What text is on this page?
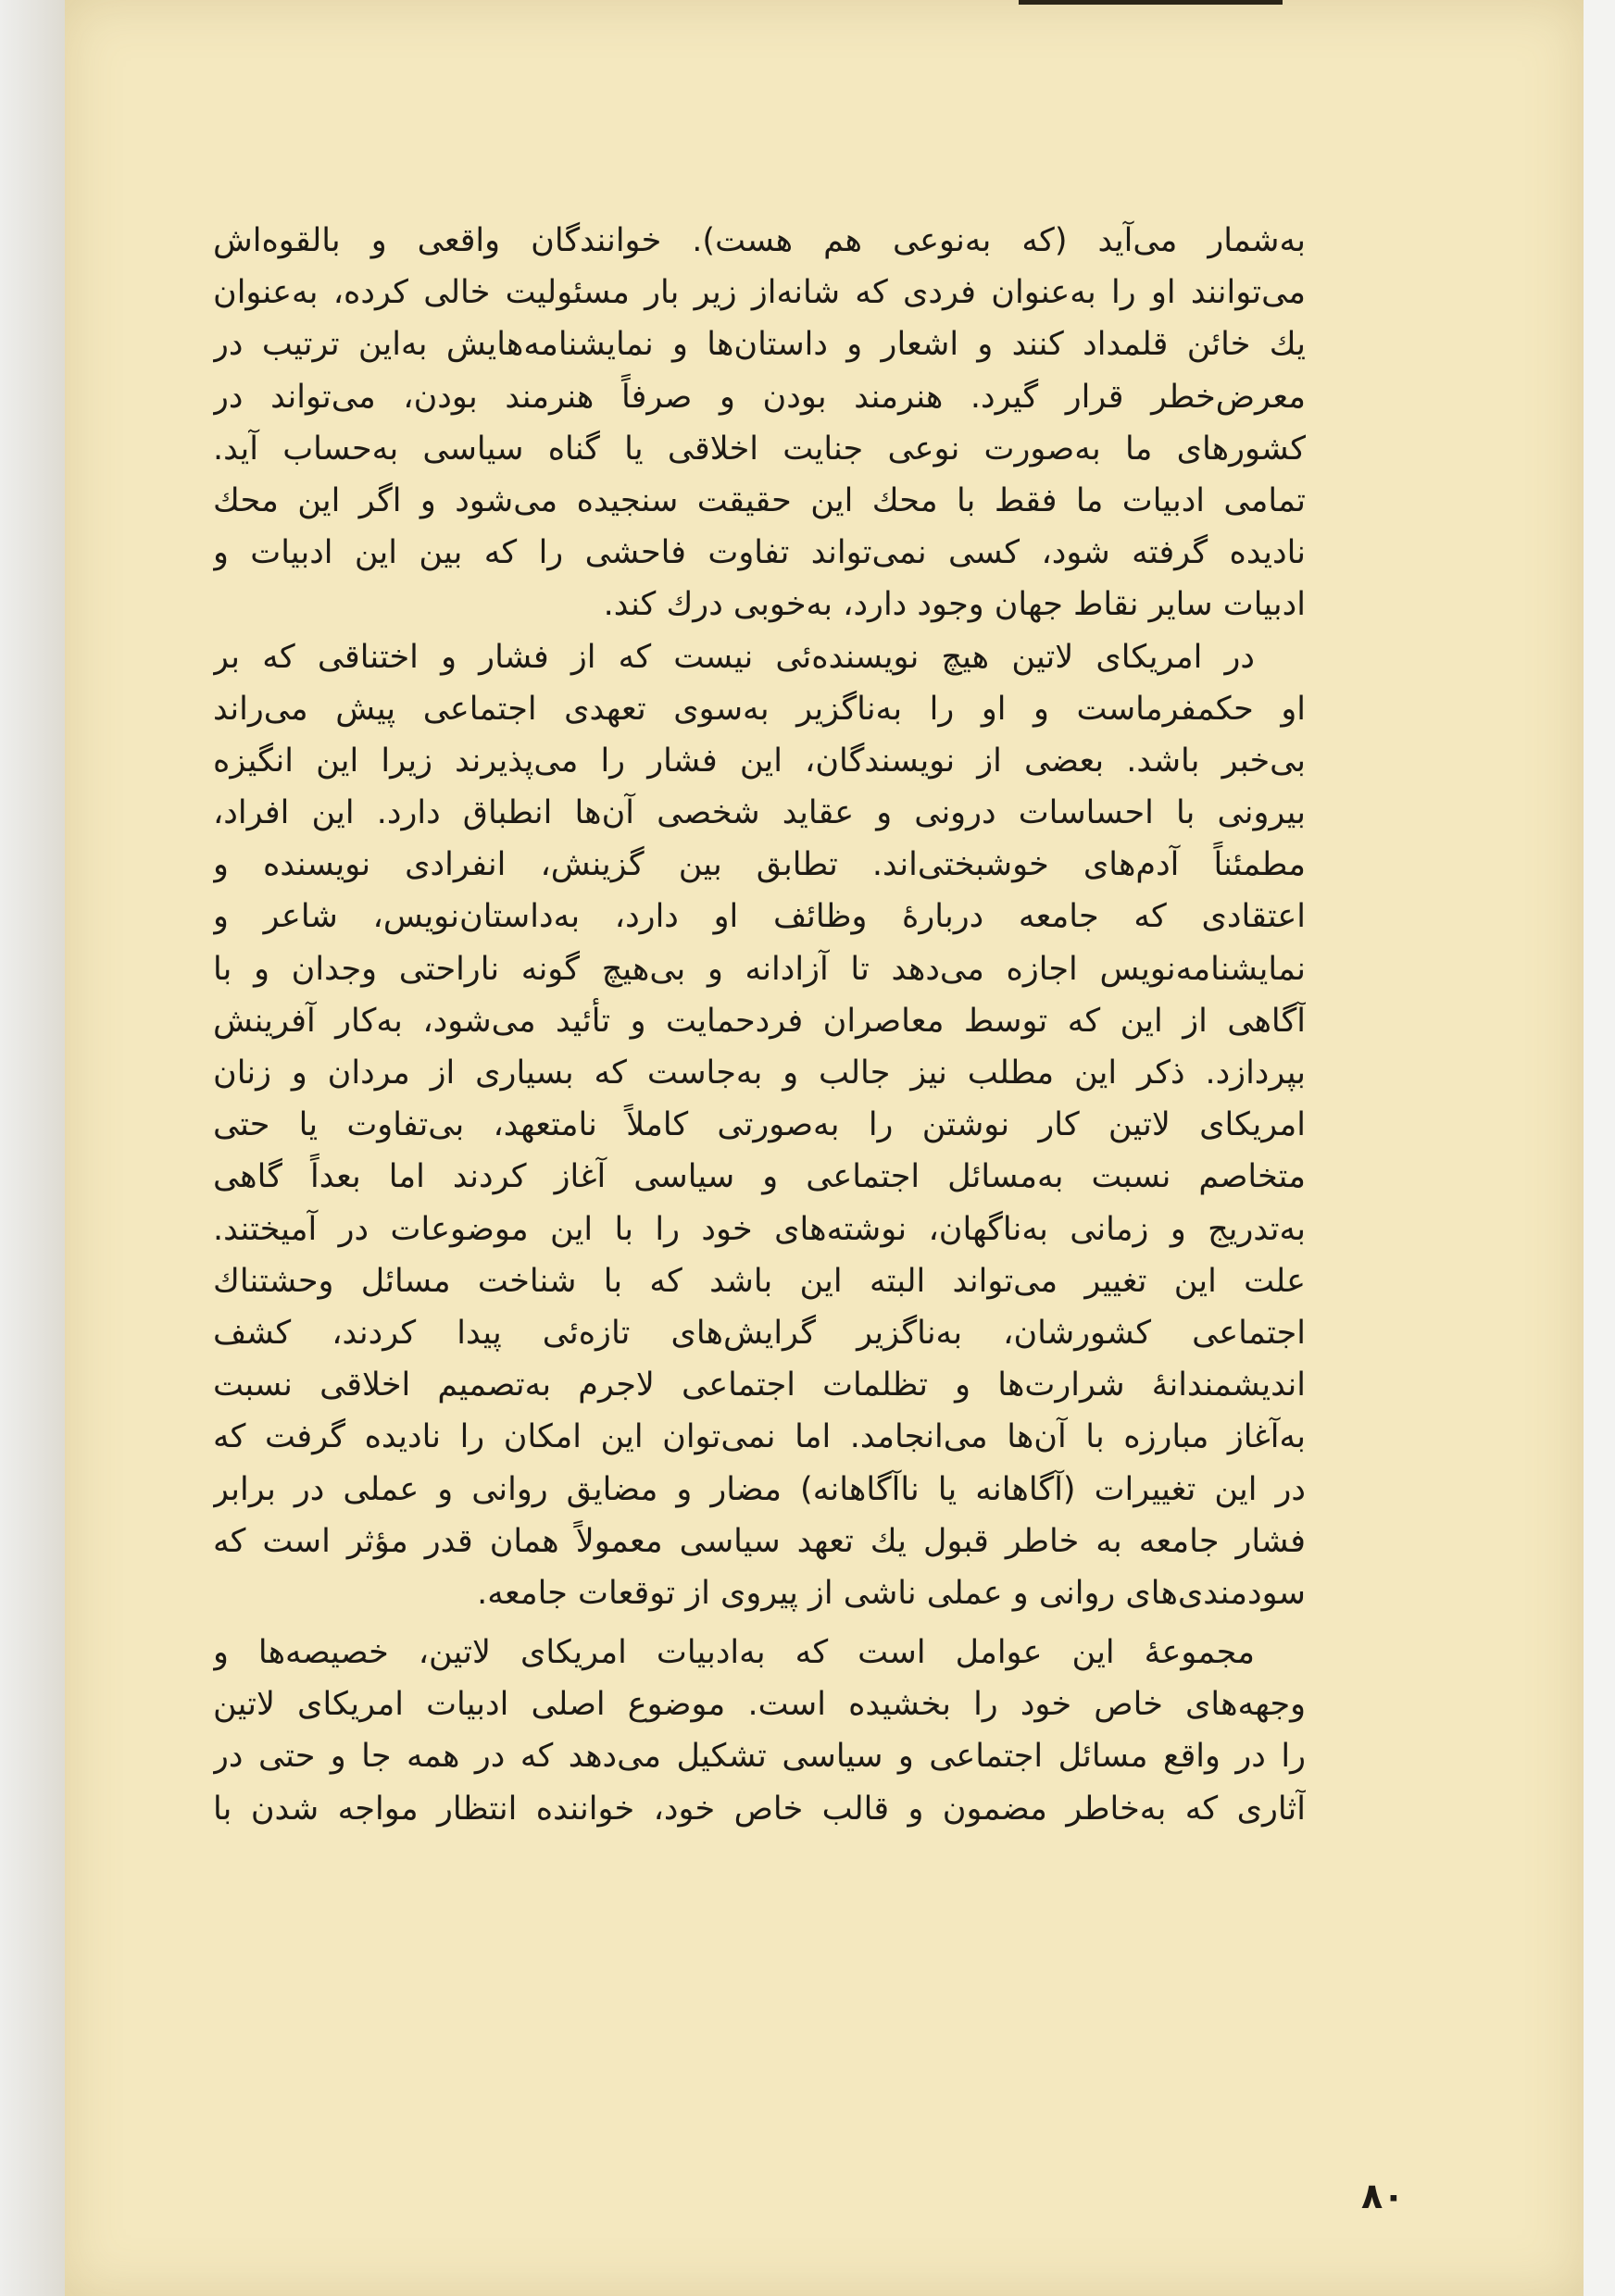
به‌شمار می‌آید (که به‌نوعی هم هست). خوانندگان واقعی و بالقوه‌اش
می‌توانند او را به‌عنوان فردی که شانه‌از زیر بار مسئولیت خالی کرده، به‌عنوان
یك خائن قلمداد کنند و اشعار و داستان‌ها و نمایشنامه‌هایش به‌این ترتیب در
معرض‌خطر قرار گیرد. هنرمند بودن و صرفاً هنرمند بودن، می‌تواند در
کشورهای ما به‌صورت نوعی جنایت اخلاقی یا گناه سیاسی به‌حساب آید.
تمامی ادبیات ما فقط با محك این حقیقت سنجیده می‌شود و اگر این محك
نادیده گرفته شود، کسی نمی‌تواند تفاوت فاحشی را که بین این ادبیات و
ادبیات سایر نقاط جهان وجود دارد، به‌خوبی درك کند.
در امریکای لاتین هیچ نویسنده‌ئی نیست که از فشار و اختناقی که بر
او حکمفرماست و او را به‌ناگزیر به‌سوی تعهدی اجتماعی پیش می‌راند
بی‌خبر باشد. بعضی از نویسندگان، این فشار را می‌پذیرند زیرا این انگیزه
بیرونی با احساسات درونی و عقاید شخصی آن‌ها انطباق دارد. این افراد،
مطمئناً آدم‌های خوشبختی‌اند. تطابق بین گزینش، انفرادی نویسنده و
اعتقادی که جامعه دربارهٔ وظائف او دارد، به‌داستان‌نویس، شاعر و
نمایشنامه‌نویس اجازه می‌دهد تا آزادانه و بی‌هیچ گونه ناراحتی وجدان و با
آگاهی از این که توسط معاصران فردحمایت و تأئید می‌شود، به‌کار آفرینش
بپردازد. ذکر این مطلب نیز جالب و به‌جاست که بسیاری از مردان و زنان
امریکای لاتین کار نوشتن را به‌صورتی کاملاً نامتعهد، بی‌تفاوت یا حتی
متخاصم نسبت به‌مسائل اجتماعی و سیاسی آغاز کردند اما بعداً گاهی
به‌تدریج و زمانی به‌ناگهان، نوشته‌های خود را با این موضوعات در آمیختند.
علت این تغییر می‌تواند البته این باشد که با شناخت مسائل وحشتناك
اجتماعی کشورشان، به‌ناگزیر گرایش‌های تازه‌ئی پیدا کردند، کشف
اندیشمندانهٔ شرارت‌ها و تظلمات اجتماعی لاجرم به‌تصمیم اخلاقی نسبت
به‌آغاز مبارزه با آن‌ها می‌انجامد. اما نمی‌توان این امکان را نادیده گرفت که
در این تغییرات (آگاهانه یا ناآگاهانه) مضار و مضایق روانی و عملی در برابر
فشار جامعه به خاطر قبول یك تعهد سیاسی معمولاً همان قدر مؤثر است که
سودمندی‌های روانی و عملی ناشی از پیروی از توقعات جامعه.
مجموعهٔ این عوامل است که به‌ادبیات امریکای لاتین، خصیصه‌ها و
وجهه‌های خاص خود را بخشیده است. موضوع اصلی ادبیات امریکای لاتین
را در واقع مسائل اجتماعی و سیاسی تشکیل می‌دهد که در همه جا و حتی در
آثاری که به‌خاطر مضمون و قالب خاص خود، خواننده انتظار مواجه شدن با
۸۰
